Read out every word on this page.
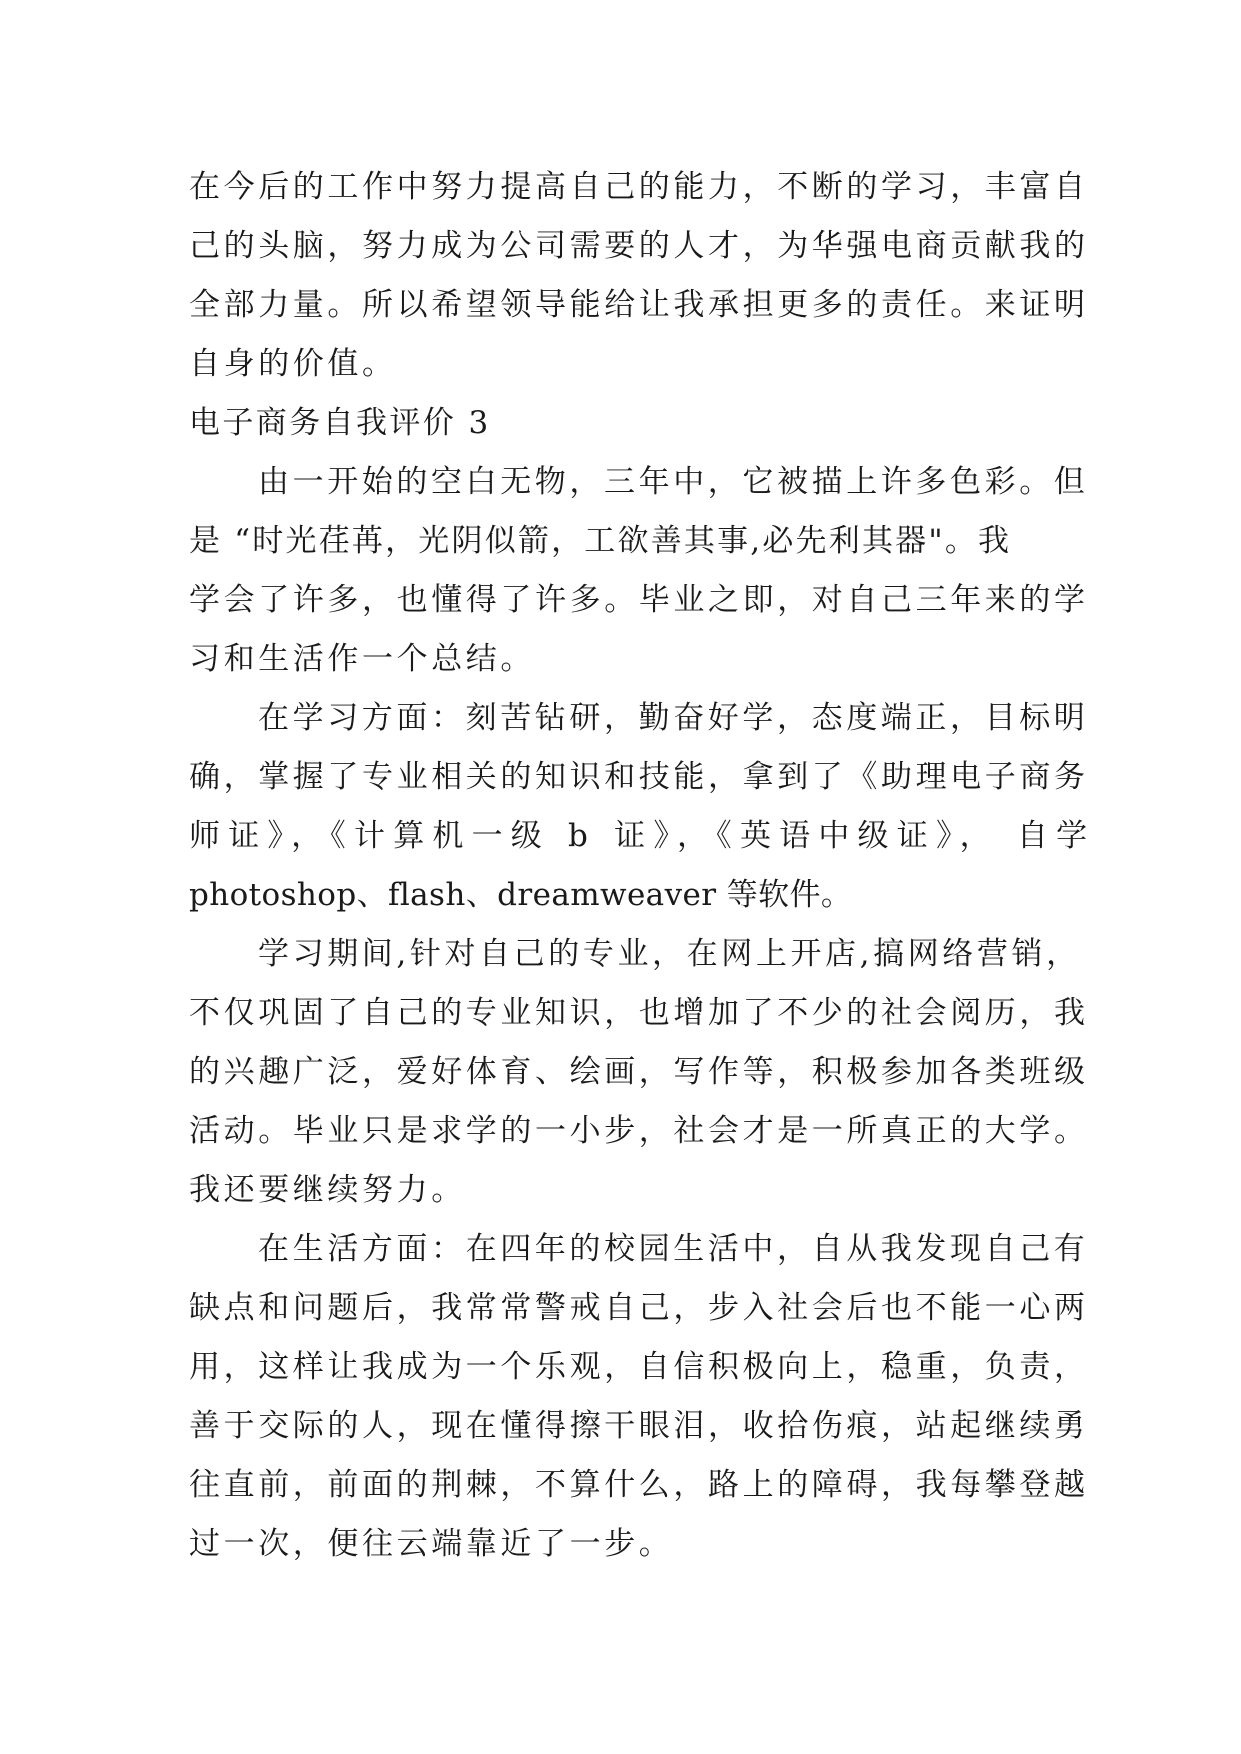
在今后的工作中努力提高自己的能力，不断的学习，丰富自

己的头脑，努力成为公司需要的人才，为华强电商贡献我的

全部力量。所以希望领导能给让我承担更多的责任。来证明

自身的价值。

电子商务自我评价 3

由一开始的空白无物，三年中，它被描上许多色彩。但

是 “时光荏苒，光阴似箭，工欲善其事,必先利其器"。我

学会了许多，也懂得了许多。毕业之即，对自己三年来的学

习和生活作一个总结。

在学习方面：刻苦钻研，勤奋好学，态度端正，目标明

确，掌握了专业相关的知识和技能，拿到了《助理电子商务

师证》，《计算机一级 b 证》，《英语中级证》， 自学

photoshop、flash、dreamweaver 等软件。

学习期间,针对自己的专业，在网上开店,搞网络营销，

不仅巩固了自己的专业知识，也增加了不少的社会阅历，我

的兴趣广泛，爱好体育、绘画，写作等，积极参加各类班级

活动。毕业只是求学的一小步，社会才是一所真正的大学。

我还要继续努力。

在生活方面：在四年的校园生活中，自从我发现自己有

缺点和问题后，我常常警戒自己，步入社会后也不能一心两

用，这样让我成为一个乐观，自信积极向上，稳重，负责，

善于交际的人，现在懂得擦干眼泪，收拾伤痕，站起继续勇

往直前，前面的荆棘，不算什么，路上的障碍，我每攀登越

过一次，便往云端靠近了一步。
